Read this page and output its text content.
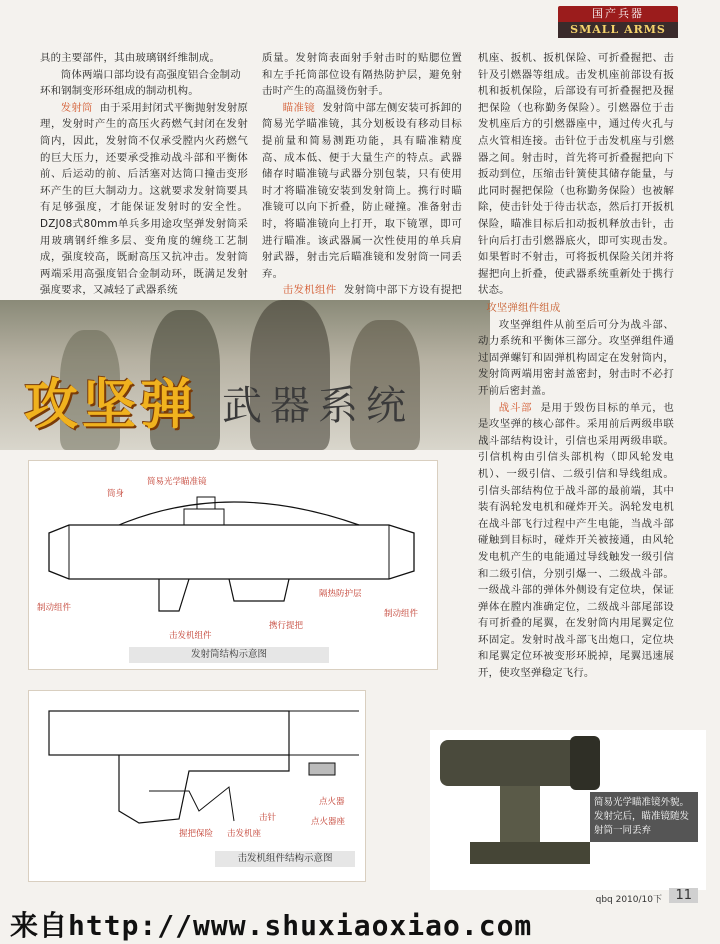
国产兵器
SMALL ARMS

具的主要部件，其由玻璃钢纤维制成。

筒体两端口部均设有高强度铝合金制动

环和钢制变形环组成的制动机构。

发射筒 由于采用封闭式平衡抛射发射原理，发射时产生的高压火药燃气封闭在发射筒内，因此，发射筒不仅承受膛内火药燃气的巨大压力，还要承受推动战斗部和平衡体前、后运动的前、后活塞对达筒口撞击变形环产生的巨大制动力。这就要求发射筒要具有足够强度，才能保证发射时的安全性。DZJ08式80mm单兵多用途攻坚弹发射筒采用玻璃钢纤维多层、变角度的缠绕工艺制成，强度较高，既耐高压又抗冲击。发射筒两端采用高强度铝合金制动环，既满足发射强度要求，又减轻了武器系统

质量。发射筒表面射手射击时的贴腮位置和左手托筒部位设有隔热防护层，避免射击时产生的高温烫伤射手。

瞄准镜 发射筒中部左侧安装可拆卸的简易光学瞄准镜，其分划板设有移动目标提前量和简易测距功能，具有瞄准精度高、成本低、便于大量生产的特点。武器储存时瞄准镜与武器分别包装，只有使用时才将瞄准镜安装到发射筒上。携行时瞄准镜可以向下折叠，防止碰撞。准备射击时，将瞄准镜向上打开，取下镜罩，即可进行瞄准。该武器属一次性使用的单兵肩射武器，射击完后瞄准镜和发射筒一同丢弃。

击发机组件 发射筒中部下方设有提把

机座、扳机、扳机保险、可折叠握把、击针及引燃器等组成。击发机座前部设有扳机和扳机保险，后部设有可折叠握把及握把保险（也称勤务保险）。引燃器位于击发机座后方的引燃器座中，通过传火孔与点火管相连接。击针位于击发机座与引燃器之间。射击时，首先将可折叠握把向下扳动到位，压缩击针簧使其储存能量，与此同时握把保险（也称勤务保险）也被解除，使击针处于待击状态，然后打开扳机保险，瞄准目标后扣动扳机释放击针，击针向后打击引燃器底火，即可实现击发。如果暂时不射击，可将扳机保险关闭并将握把向上折叠，使武器系统重新处于携行状态。

攻坚弹 武器系统

攻坚弹组件组成

攻坚弹组件从前至后可分为战斗部、动力系统和平衡体三部分。攻坚弹组件通过固弹螺钉和固弹机构固定在发射筒内，发射筒两端用密封盖密封，射击时不必打开前后密封盖。

战斗部 是用于毁伤目标的单元，也是攻坚弹的核心部件。采用前后两级串联战斗部结构设计，引信也采用两级串联。引信机构由引信头部机构（即风轮发电机）、一级引信、二级引信和导线组成。引信头部结构位于战斗部的最前端，其中装有涡轮发电机和碰炸开关。涡轮发电机在战斗部飞行过程中产生电能，当战斗部碰触到目标时，碰炸开关被接通，由风轮发电机产生的电能通过导线触发一级引信和二级引信，分别引爆一、二级战斗部。一级战斗部的弹体外侧设有定位块，保证弹体在膛内准确定位，二级战斗部尾部设有可折叠的尾翼，在发射筒内用尾翼定位环固定。发射时战斗部飞出炮口，定位块和尾翼定位环被变形环脱掉，尾翼迅速展开，使攻坚弹稳定飞行。

简易光学瞄准镜
筒身
隔热防护层
制动组件
制动组件
击发机组件
携行提把
发射筒结构示意图
点火器
击针	点火器座
握把保险 击发机座
击发机组件结构示意图
简易光学瞄准镜外貌。发射完后，瞄准镜随发射筒一同丢弃
qbq 2010/10下	11
来自http://www.shuxiaoxiao.com
